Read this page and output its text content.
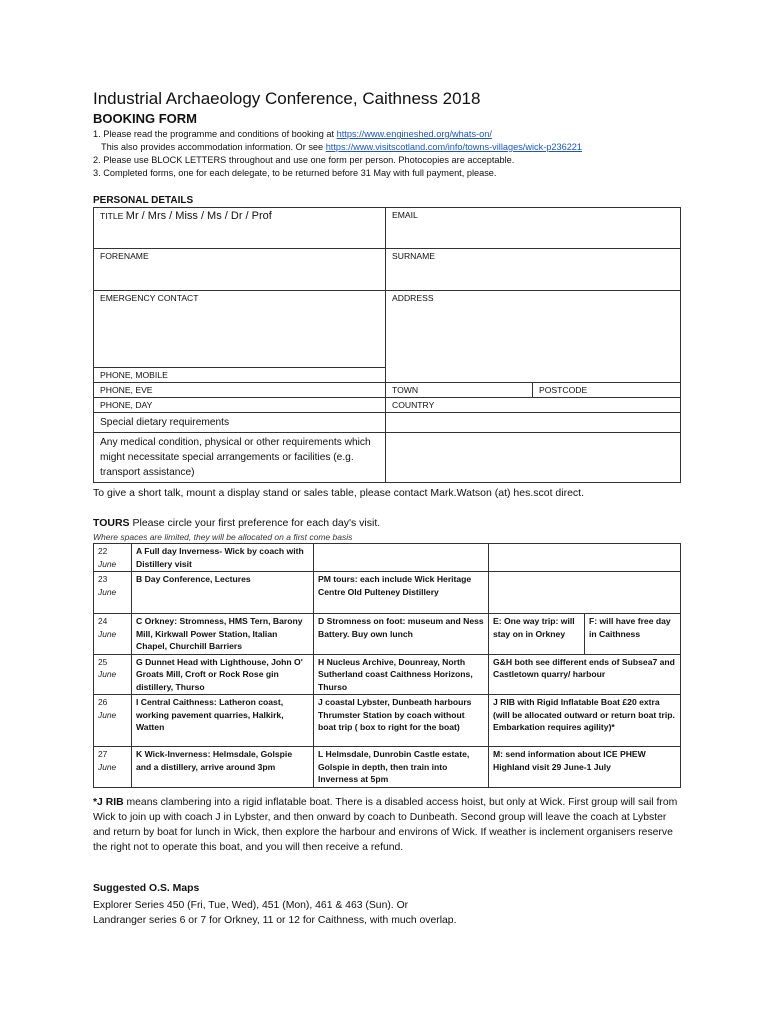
Industrial Archaeology Conference, Caithness 2018
BOOKING FORM
1. Please read the programme and conditions of booking at https://www.engineshed.org/whats-on/
This also provides accommodation information. Or see https://www.visitscotland.com/info/towns-villages/wick-p236221
2. Please use BLOCK LETTERS throughout and use one form per person. Photocopies are acceptable.
3. Completed forms, one for each delegate, to be returned before 31 May with full payment, please.
PERSONAL DETAILS
TITLE Mr / Mrs / Miss / Ms / Dr / Prof	EMAIL	
FORENAME	SURNAME	
EMERGENCY CONTACT	ADDRESS	
PHONE, MOBILE		
PHONE, EVE	TOWN	POSTCODE
PHONE, DAY	COUNTRY	
Special dietary requirements		
Any medical condition, physical or other requirements which might necessitate special arrangements or facilities (e.g. transport assistance)		
To give a short talk, mount a display stand or sales table, please contact Mark.Watson (at) hes.scot direct.
TOURS Please circle your first preference for each day's visit.
Where spaces are limited, they will be allocated on a first come basis
22
June	A Full day Inverness- Wick by coach with Distillery visit			

23
June	B Day Conference, Lectures	PM tours: each include Wick Heritage Centre Old Pulteney Distillery		

24
June	C Orkney: Stromness, HMS Tern, Barony Mill, Kirkwall Power Station, Italian Chapel, Churchill Barriers	D Stromness on foot: museum and Ness Battery. Buy own lunch	E: One way trip: will stay on in Orkney	F: will have free day in Caithness

25
June	G Dunnet Head with Lighthouse, John O' Groats Mill, Croft or Rock Rose gin distillery, Thurso	H Nucleus Archive, Dounreay, North Sutherland coast Caithness Horizons, Thurso	G&H both see different ends of Subsea7 and Castletown quarry/ harbour	

26
June	I Central Caithness: Latheron coast, working pavement quarries, Halkirk, Watten	J coastal Lybster, Dunbeath harbours Thrumster Station by coach without boat trip ( box to right for the boat)	J RIB with Rigid Inflatable Boat £20 extra (will be allocated outward or return boat trip. Embarkation requires agility)*	

27
June	K Wick-Inverness: Helmsdale, Golspie and a distillery, arrive around 3pm	L Helmsdale, Dunrobin Castle estate, Golspie in depth, then train into Inverness at 5pm	M: send information about ICE PHEW Highland visit 29 June-1 July	
*J RIB means clambering into a rigid inflatable boat. There is a disabled access hoist, but only at Wick. First group will sail from Wick to join up with coach J in Lybster, and then onward by coach to Dunbeath. Second group will leave the coach at Lybster and return by boat for lunch in Wick, then explore the harbour and environs of Wick. If weather is inclement organisers reserve the right not to operate this boat, and you will then receive a refund.
Suggested O.S. Maps
Explorer Series 450 (Fri, Tue, Wed), 451 (Mon), 461 & 463 (Sun). Or
Landranger series 6 or 7 for Orkney, 11 or 12 for Caithness, with much overlap.
